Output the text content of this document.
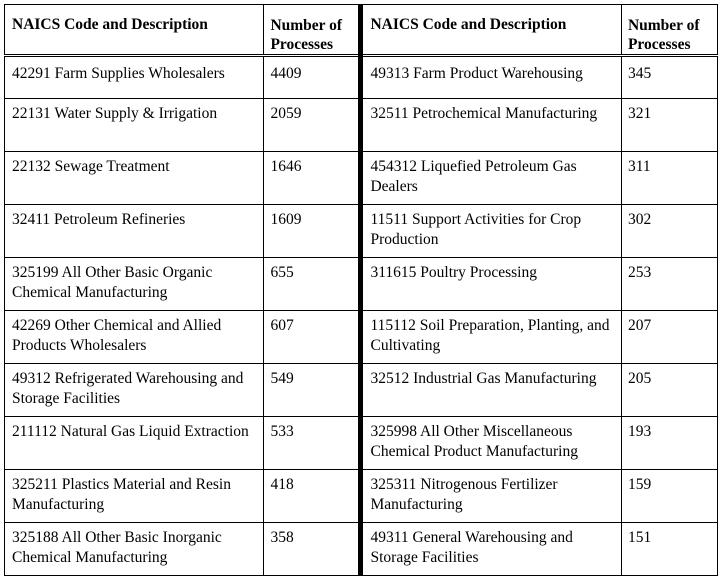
NAICS Code and Description	Number of Processes	NAICS Code and Description	Number of Processes
42291 Farm Supplies Wholesalers	4409	49313 Farm Product Warehousing	345
22131 Water Supply & Irrigation	2059	32511 Petrochemical Manufacturing	321
22132 Sewage Treatment	1646	454312 Liquefied Petroleum Gas Dealers	311
32411 Petroleum Refineries	1609	11511 Support Activities for Crop Production	302
325199 All Other Basic Organic Chemical Manufacturing	655	311615 Poultry Processing	253
42269 Other Chemical and Allied Products Wholesalers	607	115112 Soil Preparation, Planting, and Cultivating	207
49312 Refrigerated Warehousing and Storage Facilities	549	32512 Industrial Gas Manufacturing	205
211112 Natural Gas Liquid Extraction	533	325998 All Other Miscellaneous Chemical Product Manufacturing	193
325211 Plastics Material and Resin Manufacturing	418	325311 Nitrogenous Fertilizer Manufacturing	159
325188 All Other Basic Inorganic Chemical Manufacturing	358	49311 General Warehousing and Storage Facilities	151
